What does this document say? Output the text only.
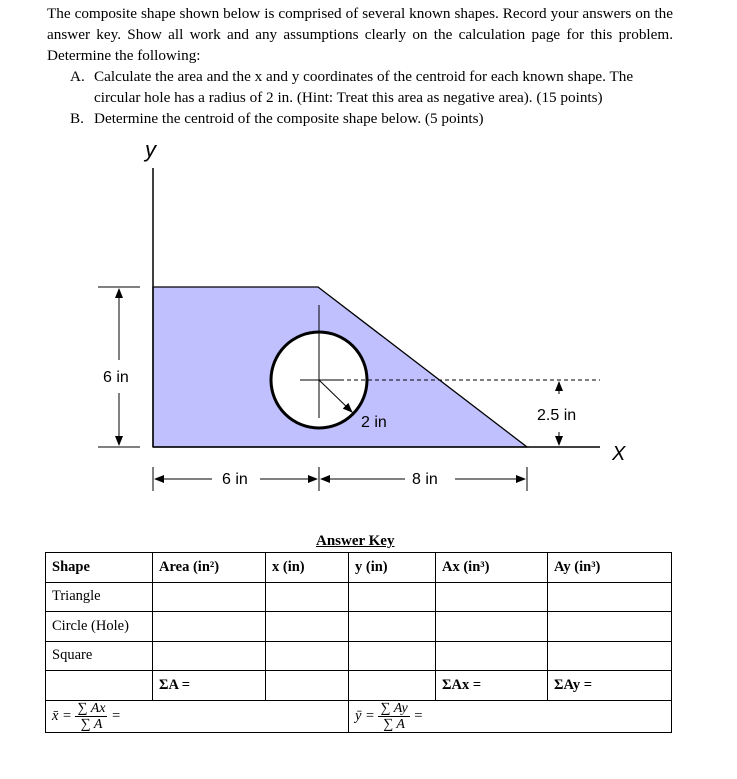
The composite shape shown below is comprised of several known shapes. Record your answers on the answer key. Show all work and any assumptions clearly on the calculation page for this problem. Determine the following:
A. Calculate the area and the x and y coordinates of the centroid for each known shape. The circular hole has a radius of 2 in. (Hint: Treat this area as negative area). (15 points)
B. Determine the centroid of the composite shape below. (5 points)
y
X
2 in
6 in
6 in	8 in
2.5 in
Answer Key
Shape	Area (in²)	x (in)	y (in)	Ax (in³)	Ay (in³)
Triangle					
Circle (Hole)					
Square					
	ΣA =			ΣAx =	ΣAy =
x̄ = $\frac{\sum Ax}{\sum A}$ =			ȳ = $\frac{\sum Ay}{\sum A}$ =		
